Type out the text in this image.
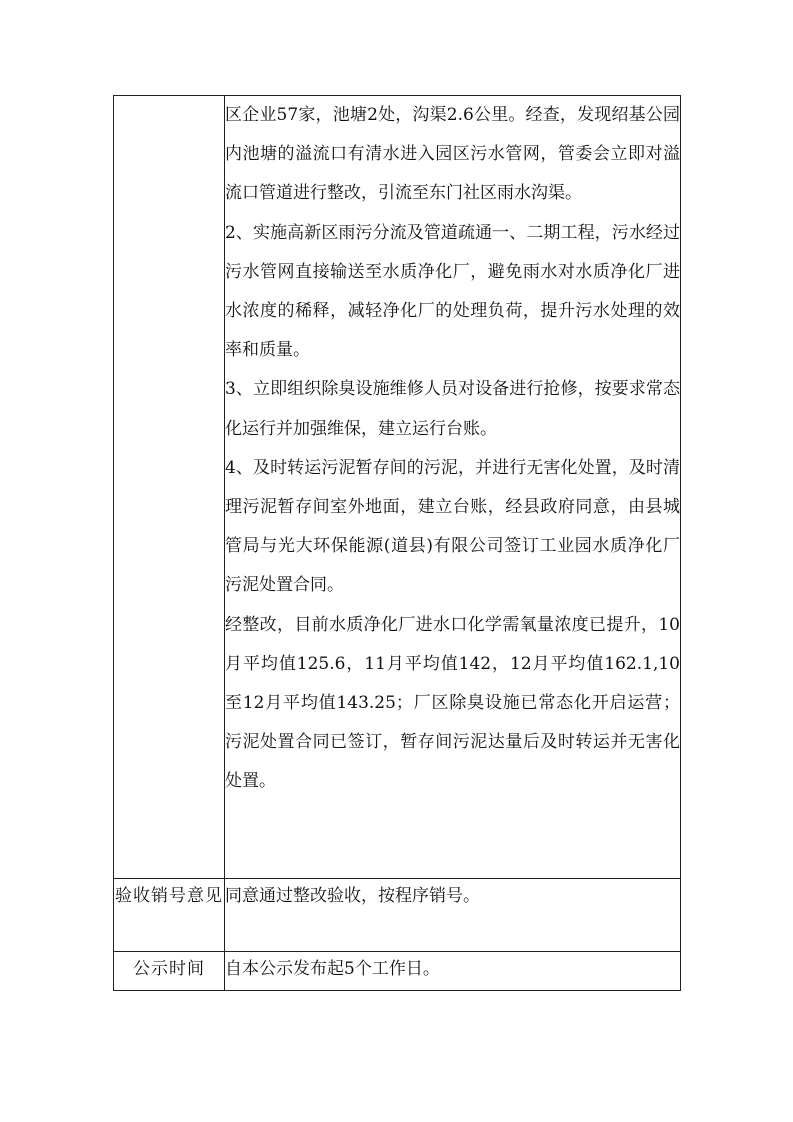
	区企业57家，池塘2处，沟渠2.6公里。经查，发现绍基公园内池塘的溢流口有清水进入园区污水管网，管委会立即对溢流口管道进行整改，引流至东门社区雨水沟渠。

2、实施高新区雨污分流及管道疏通一、二期工程，污水经过污水管网直接输送至水质净化厂，避免雨水对水质净化厂进水浓度的稀释，减轻净化厂的处理负荷，提升污水处理的效率和质量。

3、立即组织除臭设施维修人员对设备进行抢修，按要求常态化运行并加强维保，建立运行台账。

4、及时转运污泥暂存间的污泥，并进行无害化处置，及时清理污泥暂存间室外地面，建立台账，经县政府同意，由县城管局与光大环保能源(道县)有限公司签订工业园水质净化厂污泥处置合同。

经整改，目前水质净化厂进水口化学需氧量浓度已提升，10月平均值125.6，11月平均值142，12月平均值162.1,10至12月平均值143.25；厂区除臭设施已常态化开启运营；污泥处置合同已签订，暂存间污泥达量后及时转运并无害化处置。

验收销号意见	同意通过整改验收，按程序销号。
公示时间	自本公示发布起5个工作日。
